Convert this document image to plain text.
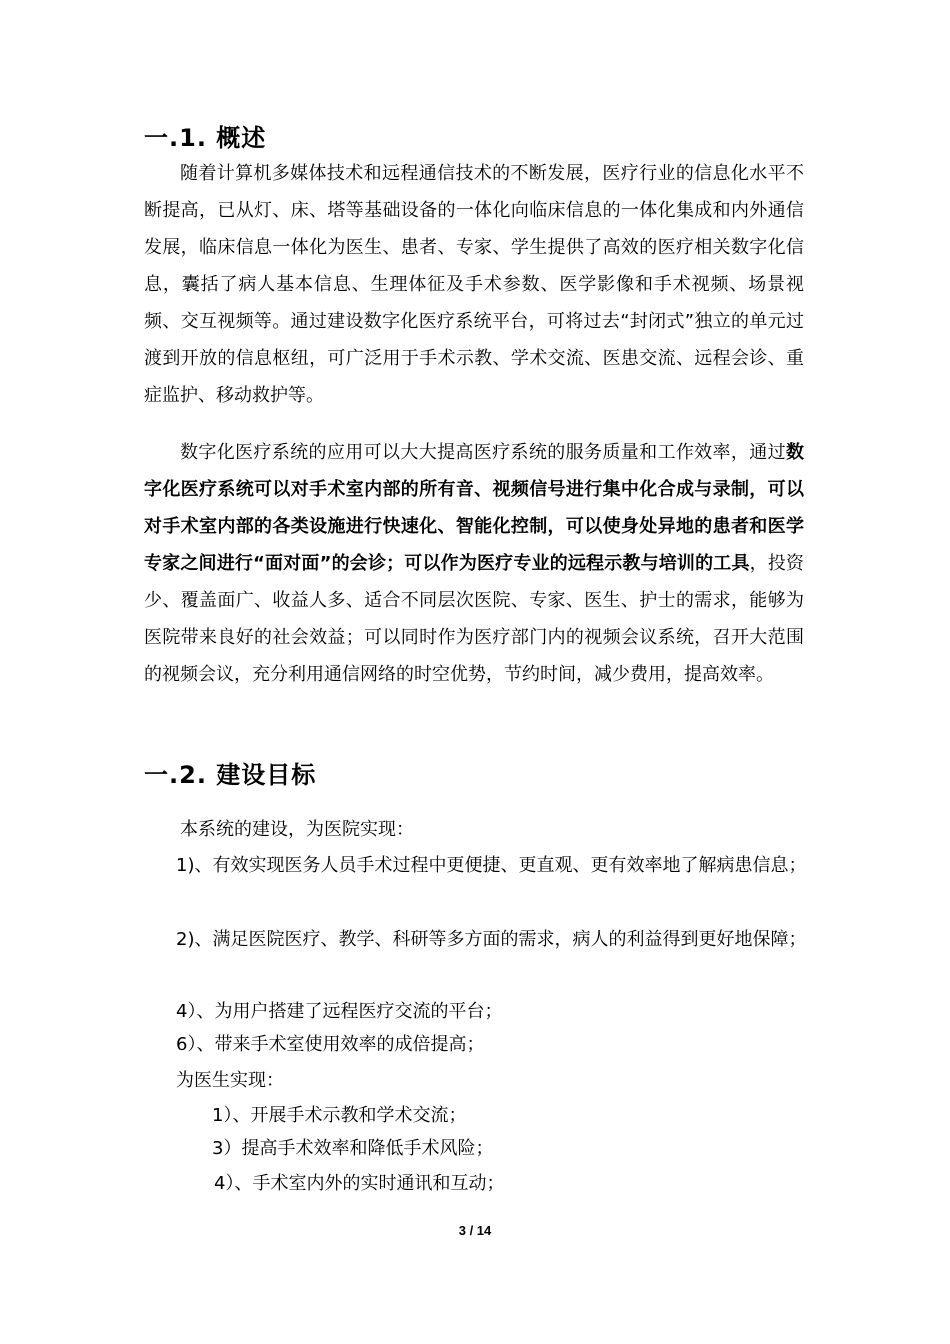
一.1. 概述

随着计算机多媒体技术和远程通信技术的不断发展，医疗行业的信息化水平不断提高，已从灯、床、塔等基础设备的一体化向临床信息的一体化集成和内外通信发展，临床信息一体化为医生、患者、专家、学生提供了高效的医疗相关数字化信息，囊括了病人基本信息、生理体征及手术参数、医学影像和手术视频、场景视频、交互视频等。通过建设数字化医疗系统平台，可将过去“封闭式”独立的单元过渡到开放的信息枢纽，可广泛用于手术示教、学术交流、医患交流、远程会诊、重症监护、移动救护等。

数字化医疗系统的应用可以大大提高医疗系统的服务质量和工作效率，通过数字化医疗系统可以对手术室内部的所有音、视频信号进行集中化合成与录制，可以对手术室内部的各类设施进行快速化、智能化控制，可以使身处异地的患者和医学专家之间进行“面对面”的会诊；可以作为医疗专业的远程示教与培训的工具，投资少、覆盖面广、收益人多、适合不同层次医院、专家、医生、护士的需求，能够为医院带来良好的社会效益；可以同时作为医疗部门内的视频会议系统，召开大范围的视频会议，充分利用通信网络的时空优势，节约时间，减少费用，提高效率。

一.2. 建设目标

本系统的建设，为医院实现：

1)、有效实现医务人员手术过程中更便捷、更直观、更有效率地了解病患信息；

2)、满足医院医疗、教学、科研等多方面的需求，病人的利益得到更好地保障；

4）、为用户搭建了远程医疗交流的平台；

6）、带来手术室使用效率的成倍提高；

为医生实现：

1）、开展手术示教和学术交流；

3）提高手术效率和降低手术风险；

4）、手术室内外的实时通讯和互动；

3 / 14
